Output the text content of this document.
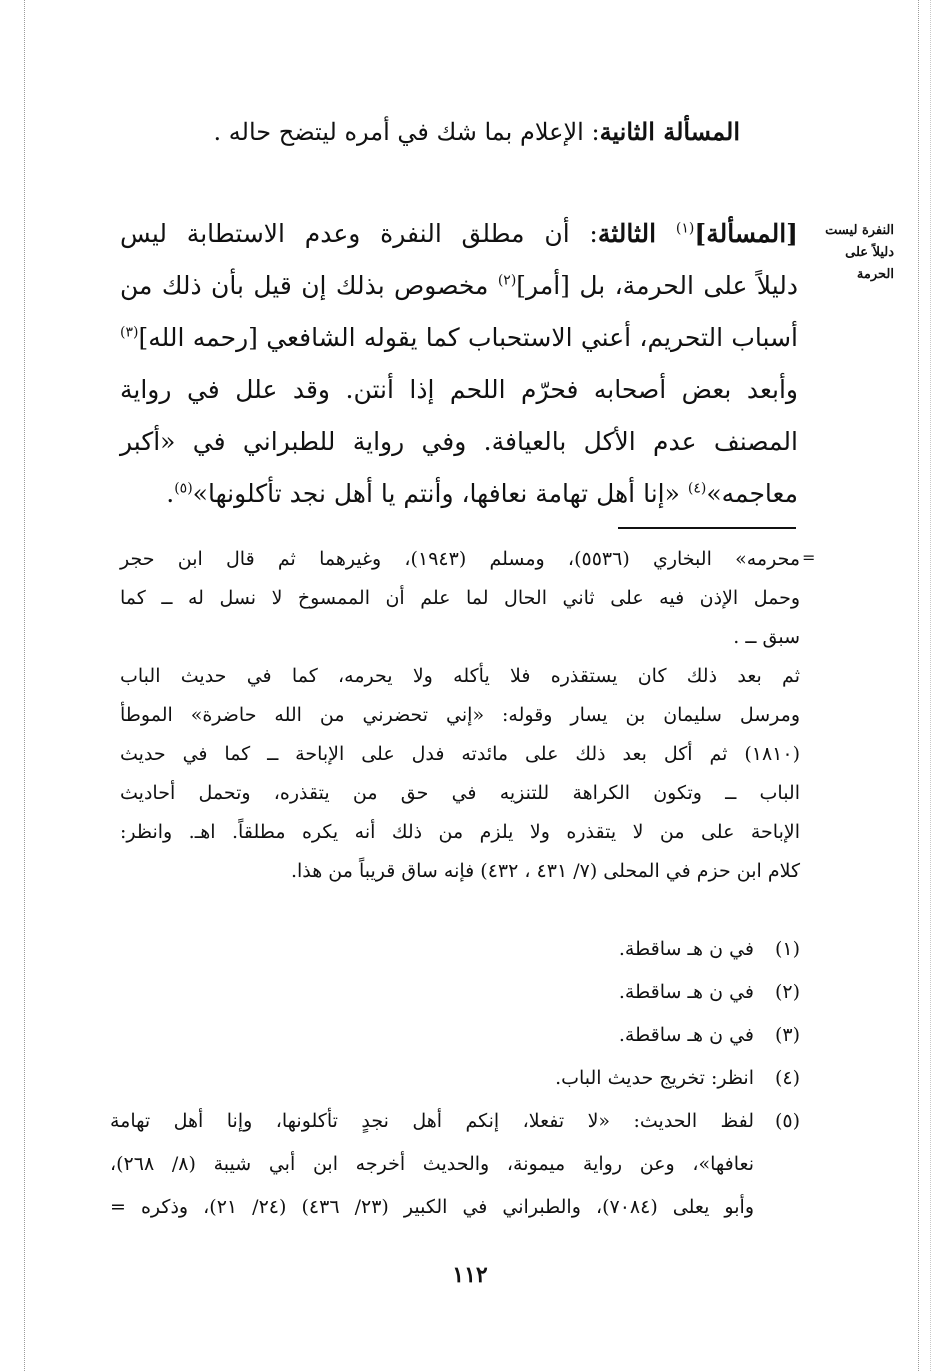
المسألة الثانية: الإعلام بما شك في أمره ليتضح حاله .
النفرة ليست
دليلاً على
الحرمة
[المسألة]$^{(١)}$ الثالثة: أن مطلق النفرة وعدم الاستطابة ليس
دليلاً على الحرمة، بل [أمر]$^{(٢)}$ مخصوص بذلك إن قيل بأن ذلك من
أسباب التحريم، أعني الاستحباب كما يقوله الشافعي [رحمه الله]$^{(٣)}$
وأبعد بعض أصحابه فحرّم اللحم إذا أنتن. وقد علل في رواية
المصنف عدم الأكل بالعيافة. وفي رواية للطبراني في «أكبر
معاجمه»$^{(٤)}$ «إنا أهل تهامة نعافها، وأنتم يا أهل نجد تأكلونها»$^{(٥)}$.
=
محرمه» البخاري (٥٥٣٦)، ومسلم (١٩٤٣)، وغيرهما ثم قال ابن حجر
وحمل الإذن فيه على ثاني الحال لما علم أن الممسوخ لا نسل له ــ كما
سبق ــ .
ثم بعد ذلك كان يستقذره فلا يأكله ولا يحرمه، كما في حديث الباب
ومرسل سليمان بن يسار وقوله: «إني تحضرني من الله حاضرة» الموطأ
(١٨١٠) ثم أكل بعد ذلك على مائدته فدل على الإباحة ــ كما في حديث
الباب ــ وتكون الكراهة للتنزيه في حق من يتقذره، وتحمل أحاديث
الإباحة على من لا يتقذره ولا يلزم من ذلك أنه يكره مطلقاً. اهـ. وانظر:
كلام ابن حزم في المحلى (٧/ ٤٣١ ، ٤٣٢) فإنه ساق قريباً من هذا.
(١)
في ن هـ ساقطة.
(٢)
في ن هـ ساقطة.
(٣)
في ن هـ ساقطة.
(٤)
انظر: تخريج حديث الباب.
(٥)
لفظ الحديث: «لا تفعلا، إنكم أهل نجدٍ تأكلونها، وإنا أهل تهامة
نعافها»، وعن رواية ميمونة، والحديث أخرجه ابن أبي شيبة (٨/ ٢٦٨)،
وأبو يعلى (٧٠٨٤)، والطبراني في الكبير (٢٣/ ٤٣٦) (٢٤/ ٢١)، وذكره =
١١٢
